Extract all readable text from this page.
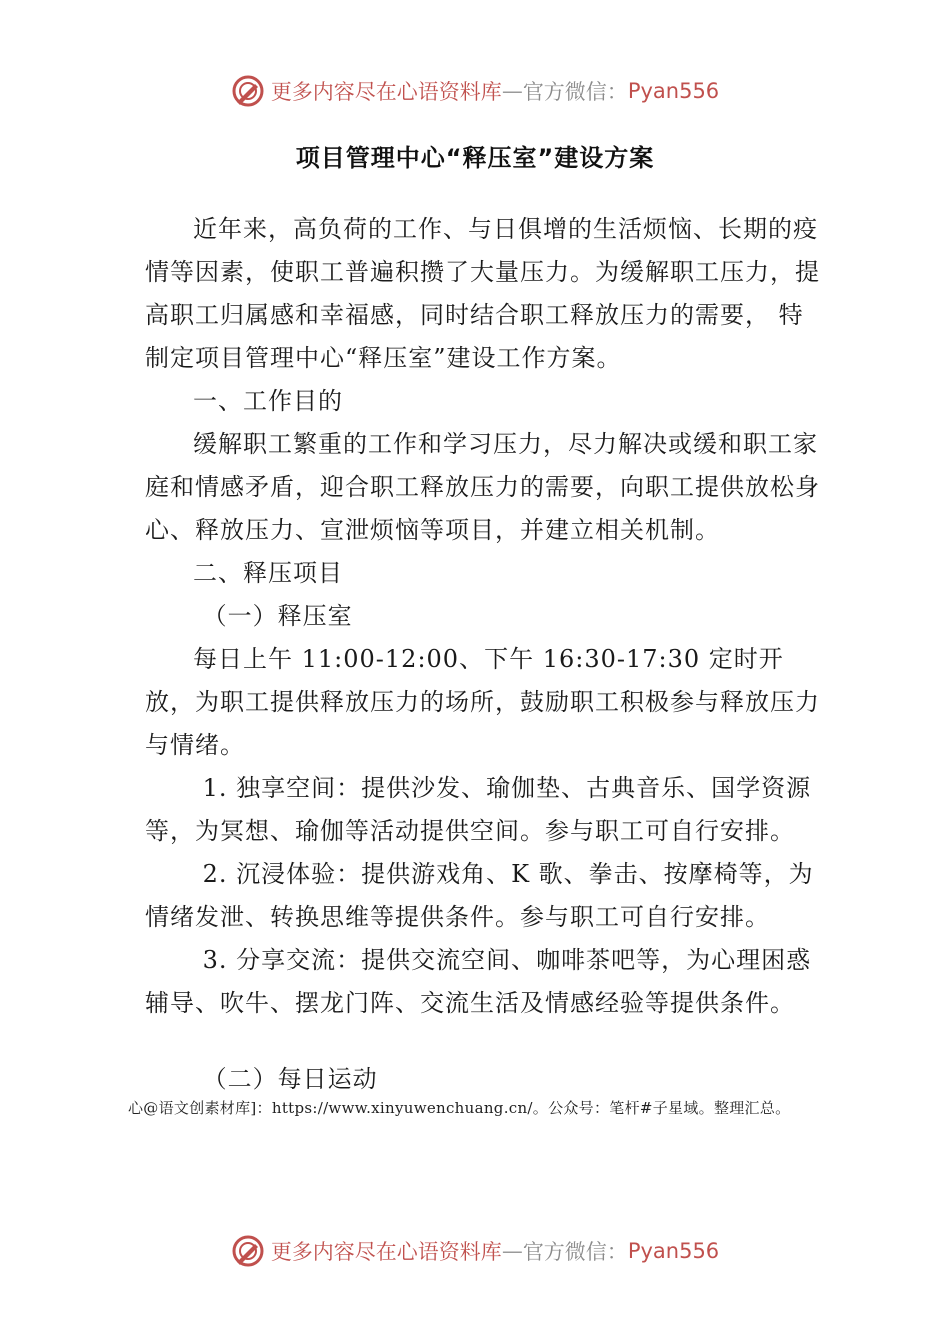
更多内容尽在心语资料库 — 官方微信： Pyan556
项目管理中心“释压室”建设方案

近年来，高负荷的工作、与日俱增的生活烦恼、长期的疫情等因素，使职工普遍积攒了大量压力。为缓解职工压力，提高职工归属感和幸福感，同时结合职工释放压力的需要， 特制定项目管理中心“释压室”建设工作方案。

一、工作目的

缓解职工繁重的工作和学习压力，尽力解决或缓和职工家庭和情感矛盾，迎合职工释放压力的需要，向职工提供放松身心、释放压力、宣泄烦恼等项目，并建立相关机制。

二、释压项目

（一）释压室

每日上午 11:00-12:00、下午 16:30-17:30 定时开放，为职工提供释放压力的场所，鼓励职工积极参与释放压力与情绪。

1. 独享空间：提供沙发、瑜伽垫、古典音乐、国学资源等，为冥想、瑜伽等活动提供空间。参与职工可自行安排。

2. 沉浸体验：提供游戏角、K 歌、拳击、按摩椅等，为情绪发泄、转换思维等提供条件。参与职工可自行安排。

3. 分享交流：提供交流空间、咖啡茶吧等，为心理困惑辅导、吹牛、摆龙门阵、交流生活及情感经验等提供条件。

（二）每日运动

心@语文创素材库]：https://www.xinyuwenchuang.cn/。公众号：笔杆#子星域。整理汇总。
更多内容尽在心语资料库 — 官方微信： Pyan556
